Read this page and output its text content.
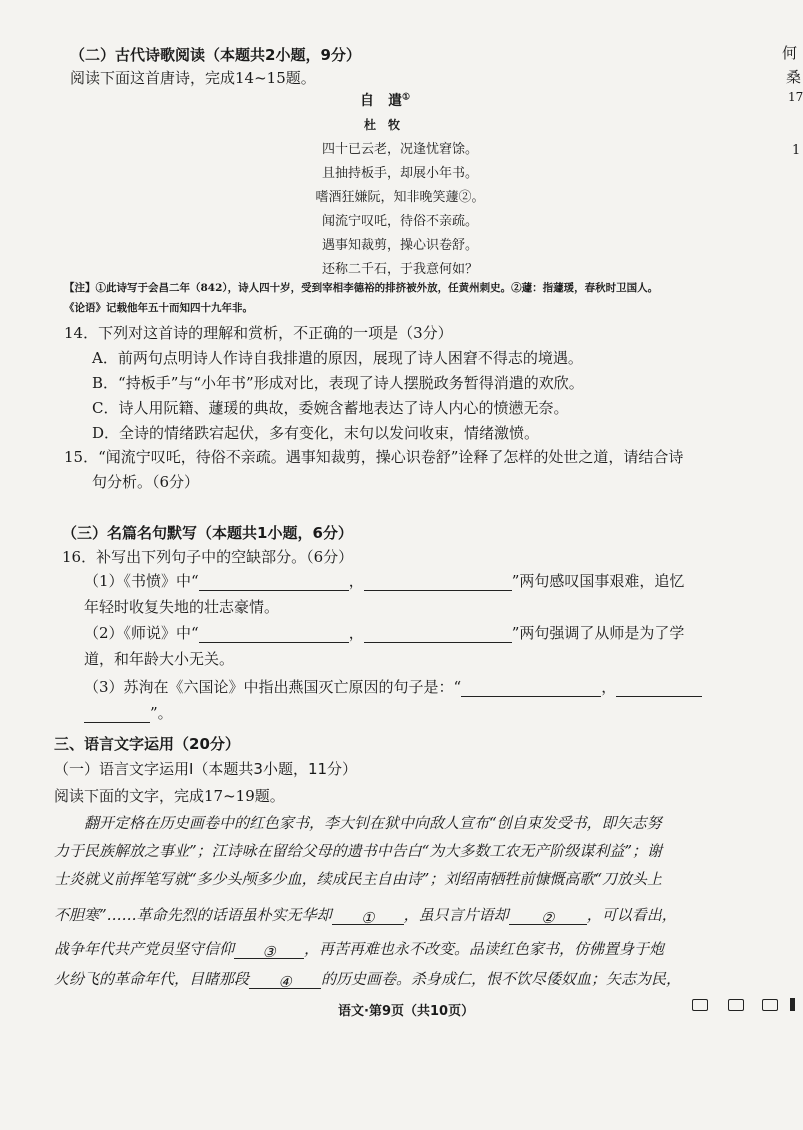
何
桑
17
1
（二）古代诗歌阅读（本题共2小题，9分）
阅读下面这首唐诗，完成14~15题。
自　遣①
杜　牧
四十已云老，况逢忧窘馀。
且抽持板手，却展小年书。
嗜酒狂嫌阮，知非晚笑蘧②。
闻流宁叹吒，待俗不亲疏。
遇事知裁剪，操心识卷舒。
还称二千石，于我意何如？
【注】①此诗写于会昌二年（842），诗人四十岁，受到宰相李德裕的排挤被外放，任黄州刺史。②蘧：指蘧瑗，春秋时卫国人。
《论语》记载他年五十而知四十九年非。
14．下列对这首诗的理解和赏析，不正确的一项是（3分）
A．前两句点明诗人作诗自我排遣的原因，展现了诗人困窘不得志的境遇。
B．“持板手”与“小年书”形成对比，表现了诗人摆脱政务暂得消遣的欢欣。
C．诗人用阮籍、蘧瑗的典故，委婉含蓄地表达了诗人内心的愤懑无奈。
D．全诗的情绪跌宕起伏，多有变化，末句以发问收束，情绪激愤。
15．“闻流宁叹吒，待俗不亲疏。遇事知裁剪，操心识卷舒”诠释了怎样的处世之道，请结合诗
句分析。（6分）
（三）名篇名句默写（本题共1小题，6分）
16．补写出下列句子中的空缺部分。（6分）
（1）《书愤》中“	，	”两句感叹国事艰难，追忆
年轻时收复失地的壮志豪情。
（2）《师说》中“	，	”两句强调了从师是为了学
道，和年龄大小无关。
（3）苏洵在《六国论》中指出燕国灭亡原因的句子是：“	，
”。
三、语言文字运用（20分）
（一）语言文字运用Ⅰ（本题共3小题，11分）
阅读下面的文字，完成17~19题。
翻开定格在历史画卷中的红色家书，李大钊在狱中向敌人宣布“创自束发受书，即矢志努
力于民族解放之事业”；江诗咏在留给父母的遗书中告白“为大多数工农无产阶级谋利益”；谢
士炎就义前挥笔写就“多少头颅多少血，续成民主自由诗”；刘绍南牺牲前慷慨高歌“刀放头上
不胆寒”……革命先烈的话语虽朴实无华却 ① ，虽只言片语却 ② ，可以看出，
战争年代共产党员坚守信仰 ③ ，再苦再难也永不改变。品读红色家书，仿佛置身于炮
火纷飞的革命年代，目睹那段 ④ 的历史画卷。杀身成仁，恨不饮尽倭奴血；矢志为民，
语文·第9页（共10页）
